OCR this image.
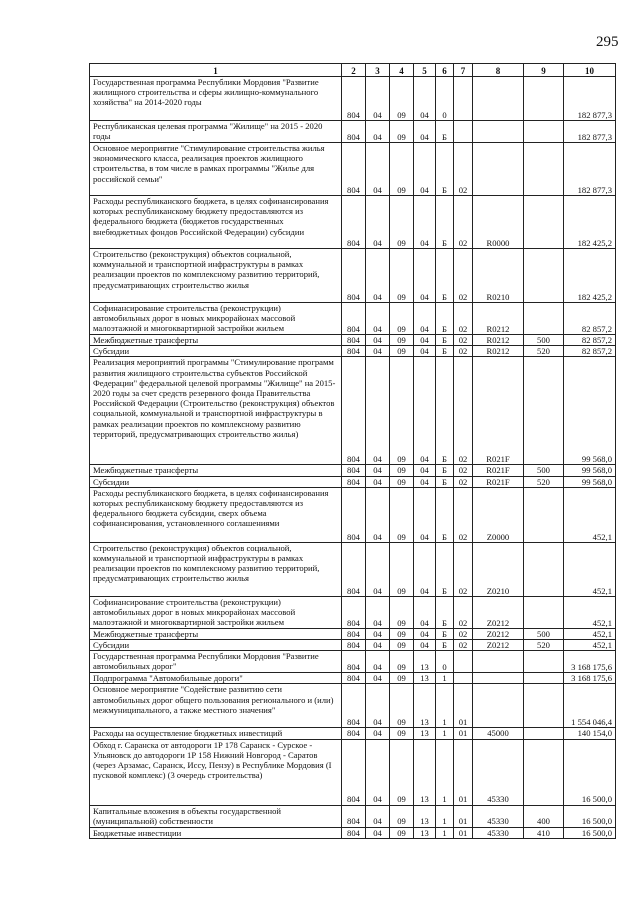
295
1	2	3	4	5	6	7	8	9	10
Государственная программа Республики Мордовия "Развитие жилищного строительства и сферы жилищно-коммунального хозяйства" на 2014-2020 годы	804	04	09	04	0				182 877,3
Республиканская целевая программа "Жилище" на 2015 - 2020 годы	804	04	09	04	Б				182 877,3
Основное мероприятие "Стимулирование строительства жилья экономического класса, реализация проектов жилищного строительства, в том числе в рамках программы "Жилье для российской семьи"	804	04	09	04	Б	02			182 877,3
Расходы республиканского бюджета, в целях софинансирования которых республиканскому бюджету предоставляются из федерального бюджета (бюджетов государственных внебюджетных фондов Российской Федерации) субсидии	804	04	09	04	Б	02	R0000		182 425,2
Строительство (реконструкция) объектов социальной, коммунальной и транспортной инфраструктуры в рамках реализации проектов по комплексному развитию территорий, предусматривающих строительство жилья	804	04	09	04	Б	02	R0210		182 425,2
Софинансирование строительства (реконструкции) автомобильных дорог в новых микрорайонах массовой малоэтажной и многоквартирной застройки жильем	804	04	09	04	Б	02	R0212		82 857,2
Межбюджетные трансферты	804	04	09	04	Б	02	R0212	500	82 857,2
Субсидии	804	04	09	04	Б	02	R0212	520	82 857,2
Реализация мероприятий программы "Стимулирование программ развития жилищного строительства субъектов Российской Федерации" федеральной целевой программы "Жилище" на 2015-2020 годы за счет средств резервного фонда Правительства Российской Федерации (Строительство (реконструкция) объектов социальной, коммунальной и транспортной инфраструктуры в рамках реализации проектов по комплексному развитию территорий, предусматривающих строительство жилья)	804	04	09	04	Б	02	R021F		99 568,0
Межбюджетные трансферты	804	04	09	04	Б	02	R021F	500	99 568,0
Субсидии	804	04	09	04	Б	02	R021F	520	99 568,0
Расходы республиканского бюджета, в целях софинансирования которых республиканскому бюджету предоставляются из федерального бюджета субсидии, сверх объема софинансирования, установленного соглашениями	804	04	09	04	Б	02	Z0000		452,1
Строительство (реконструкция) объектов социальной, коммунальной и транспортной инфраструктуры в рамках реализации проектов по комплексному развитию территорий, предусматривающих строительство жилья	804	04	09	04	Б	02	Z0210		452,1
Софинансирование строительства (реконструкции) автомобильных дорог в новых микрорайонах массовой малоэтажной и многоквартирной застройки жильем	804	04	09	04	Б	02	Z0212		452,1
Межбюджетные трансферты	804	04	09	04	Б	02	Z0212	500	452,1
Субсидии	804	04	09	04	Б	02	Z0212	520	452,1
Государственная программа Республики Мордовия "Развитие автомобильных дорог"	804	04	09	13	0				3 168 175,6
Подпрограмма "Автомобильные дороги"	804	04	09	13	1				3 168 175,6
Основное мероприятие "Содействие развитию сети автомобильных дорог общего пользования регионального и (или) межмуниципального, а также местного значения"	804	04	09	13	1	01			1 554 046,4
Расходы на осуществление бюджетных инвестиций	804	04	09	13	1	01	45000		140 154,0
Обход г. Саранска от автодороги 1Р 178 Саранск - Сурское - Ульяновск до автодороги 1Р 158 Нижний Новгород - Саратов (через Арзамас, Саранск, Иссу, Пензу) в Республике Мордовия (I пусковой комплекс) (3 очередь строительства)	804	04	09	13	1	01	45330		16 500,0
Капитальные вложения в объекты государственной (муниципальной) собственности	804	04	09	13	1	01	45330	400	16 500,0
Бюджетные инвестиции	804	04	09	13	1	01	45330	410	16 500,0
